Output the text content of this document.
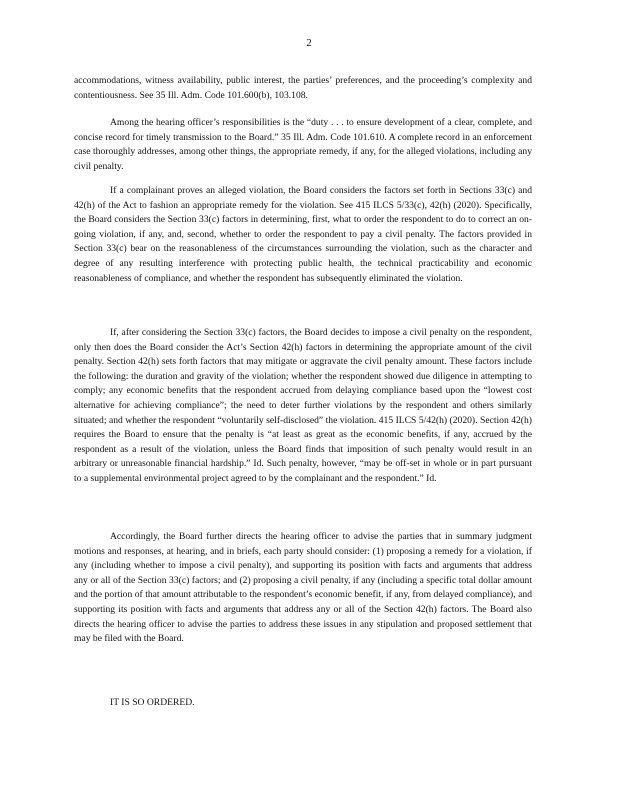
2
accommodations, witness availability, public interest, the parties’ preferences, and the proceeding’s complexity and contentiousness. See 35 Ill. Adm. Code 101.600(b), 103.108.
Among the hearing officer’s responsibilities is the “duty . . . to ensure development of a clear, complete, and concise record for timely transmission to the Board.” 35 Ill. Adm. Code 101.610. A complete record in an enforcement case thoroughly addresses, among other things, the appropriate remedy, if any, for the alleged violations, including any civil penalty.
If a complainant proves an alleged violation, the Board considers the factors set forth in Sections 33(c) and 42(h) of the Act to fashion an appropriate remedy for the violation. See 415 ILCS 5/33(c), 42(h) (2020). Specifically, the Board considers the Section 33(c) factors in determining, first, what to order the respondent to do to correct an on-going violation, if any, and, second, whether to order the respondent to pay a civil penalty. The factors provided in Section 33(c) bear on the reasonableness of the circumstances surrounding the violation, such as the character and degree of any resulting interference with protecting public health, the technical practicability and economic reasonableness of compliance, and whether the respondent has subsequently eliminated the violation.
If, after considering the Section 33(c) factors, the Board decides to impose a civil penalty on the respondent, only then does the Board consider the Act’s Section 42(h) factors in determining the appropriate amount of the civil penalty. Section 42(h) sets forth factors that may mitigate or aggravate the civil penalty amount. These factors include the following: the duration and gravity of the violation; whether the respondent showed due diligence in attempting to comply; any economic benefits that the respondent accrued from delaying compliance based upon the “lowest cost alternative for achieving compliance”; the need to deter further violations by the respondent and others similarly situated; and whether the respondent “voluntarily self-disclosed” the violation. 415 ILCS 5/42(h) (2020). Section 42(h) requires the Board to ensure that the penalty is “at least as great as the economic benefits, if any, accrued by the respondent as a result of the violation, unless the Board finds that imposition of such penalty would result in an arbitrary or unreasonable financial hardship.” Id. Such penalty, however, “may be off-set in whole or in part pursuant to a supplemental environmental project agreed to by the complainant and the respondent.” Id.
Accordingly, the Board further directs the hearing officer to advise the parties that in summary judgment motions and responses, at hearing, and in briefs, each party should consider: (1) proposing a remedy for a violation, if any (including whether to impose a civil penalty), and supporting its position with facts and arguments that address any or all of the Section 33(c) factors; and (2) proposing a civil penalty, if any (including a specific total dollar amount and the portion of that amount attributable to the respondent’s economic benefit, if any, from delayed compliance), and supporting its position with facts and arguments that address any or all of the Section 42(h) factors. The Board also directs the hearing officer to advise the parties to address these issues in any stipulation and proposed settlement that may be filed with the Board.
IT IS SO ORDERED.
